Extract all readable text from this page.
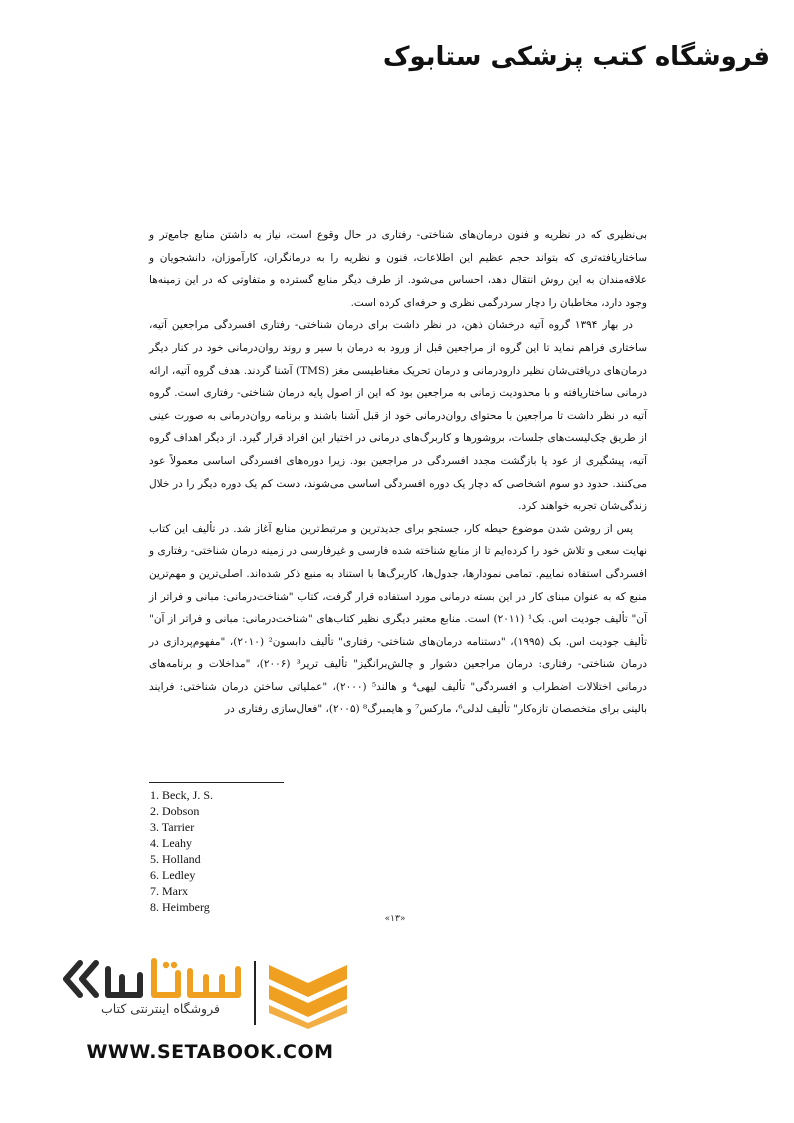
فروشگاه کتب پزشکی ستابوک

بی‌نظیری که در نظریه و فنون درمان‌های شناختی- رفتاری در حال وقوع است، نیاز به داشتن منابع جامع‌تر و ساختاریافته‌تری که بتواند حجم عظیم این اطلاعات، فنون و نظریه را به درمانگران، کارآموزان، دانشجویان و علاقه‌مندان به این روش انتقال دهد، احساس می‌شود. از طرف دیگر منابع گسترده و متفاوتی که در این زمینه‌ها وجود دارد، مخاطبان را دچار سردرگمی نظری و حرفه‌ای کرده است.

در بهار ۱۳۹۴ گروه آتیه درخشان ذهن، در نظر داشت برای درمان شناختی- رفتاری افسردگی مراجعین آتیه، ساختاری فراهم نماید تا این گروه از مراجعین قبل از ورود به درمان با سیر و روند روان‌درمانی خود در کنار دیگر درمان‌های دریافتی‌شان نظیر دارودرمانی و درمان تحریک مغناطیسی مغز (TMS) آشنا گردند. هدف گروه آتیه، ارائه درمانی ساختاریافته و با محدودیت زمانی به مراجعین بود که این از اصول پایه درمان شناختی- رفتاری است. گروه آتیه در نظر داشت تا مراجعین با محتوای روان‌درمانی خود از قبل آشنا باشند و برنامه روان‌درمانی به صورت عینی از طریق چک‌لیست‌های جلسات، بروشورها و کاربرگ‌های درمانی در اختیار این افراد قرار گیرد. از دیگر اهداف گروه آتیه، پیشگیری از عود یا بازگشت مجدد افسردگی در مراجعین بود. زیرا دوره‌های افسردگی اساسی معمولاً عود می‌کنند. حدود دو سوم اشخاصی که دچار یک دوره افسردگی اساسی می‌شوند، دست کم یک دوره دیگر را در خلال زندگی‌شان تجربه خواهند کرد.

پس از روشن شدن موضوع حیطه کار، جستجو برای جدیدترین و مرتبط‌ترین منابع آغاز شد. در تألیف این کتاب نهایت سعی و تلاش خود را کرده‌ایم تا از منابع شناخته شده فارسی و غیرفارسی در زمینه درمان شناختی- رفتاری و افسردگی استفاده نماییم. تمامی نمودارها، جدول‌ها، کاربرگ‌ها با استناد به منبع ذکر شده‌اند. اصلی‌ترین و مهم‌ترین منبع که به عنوان مبنای کار در این بسته درمانی مورد استفاده قرار گرفت، کتاب "شناخت‌درمانی: مبانی و فراتر از آن" تألیف جودیت اس. بک¹ (۲۰۱۱) است. منابع معتبر دیگری نظیر کتاب‌های "شناخت‌درمانی: مبانی و فراتر از آن" تألیف جودیت اس. بک (۱۹۹۵)، "دستنامه درمان‌های شناختی- رفتاری" تألیف دابسون² (۲۰۱۰)، "مفهوم‌پردازی در درمان شناختی- رفتاری: درمان مراجعین دشوار و چالش‌برانگیز" تألیف تریر³ (۲۰۰۶)، "مداخلات و برنامه‌های درمانی اختلالات اضطراب و افسردگی" تألیف لیهی⁴ و هالند⁵ (۲۰۰۰)، "عملیاتی ساختن درمان شناختی: فرایند بالینی برای متخصصان تازه‌کار" تألیف لدلی⁶، مارکس⁷ و هایمبرگ⁸ (۲۰۰۵)، "فعال‌سازی رفتاری در

1. Beck, J. S.
2. Dobson
3. Tarrier
4. Leahy
5. Holland
6. Ledley
7. Marx
8. Heimberg
«۱۳»
فروشگاه اینترنتی کتاب
WWW.SETABOOK.COM
